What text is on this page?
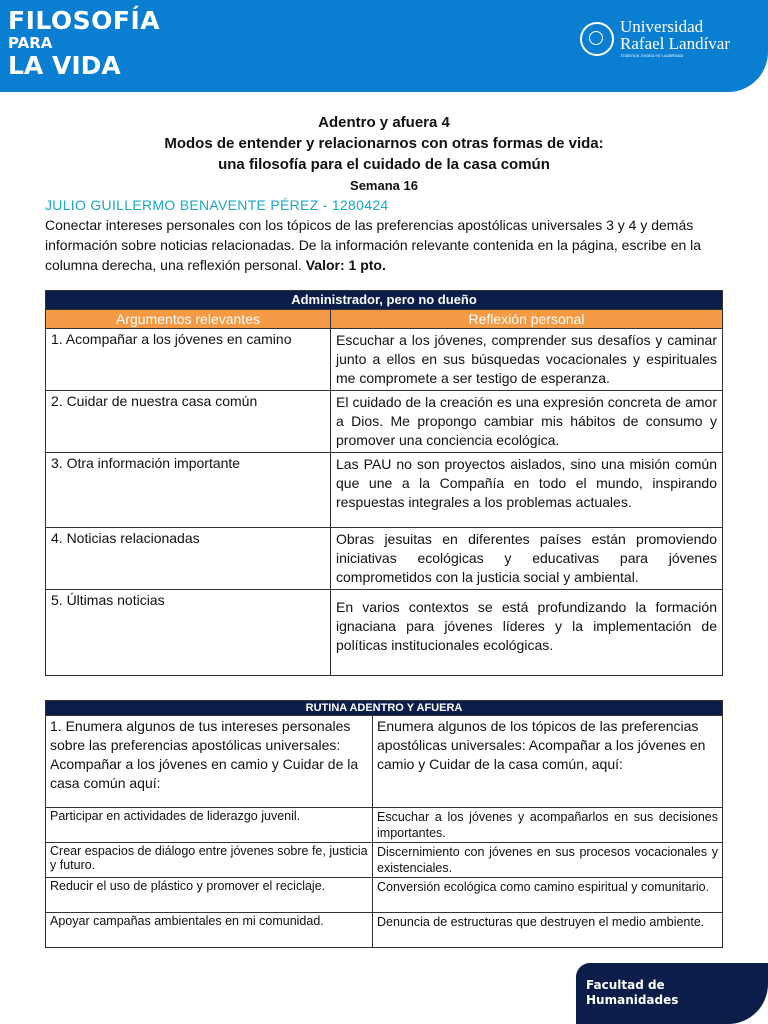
FILOSOFÍA
PARA
LA VIDA
Universidad
Rafael Landívar
Tradición Jesuita en Guatemala
Adentro y afuera 4
Modos de entender y relacionarnos con otras formas de vida:
una filosofía para el cuidado de la casa común
Semana 16
JULIO GUILLERMO BENAVENTE PÉREZ - 1280424
Conectar intereses personales con los tópicos de las preferencias apostólicas universales 3 y 4 y demás información sobre noticias relacionadas. De la información relevante contenida en la página, escribe en la columna derecha, una reflexión personal. Valor: 1 pto.
Administrador, pero no dueño	
Argumentos relevantes	Reflexión personal
1. Acompañar a los jóvenes en camino	Escuchar a los jóvenes, comprender sus desafíos y caminar junto a ellos en sus búsquedas vocacionales y espirituales me compromete a ser testigo de esperanza.
2. Cuidar de nuestra casa común	El cuidado de la creación es una expresión concreta de amor a Dios. Me propongo cambiar mis hábitos de consumo y promover una conciencia ecológica.
3. Otra información importante	Las PAU no son proyectos aislados, sino una misión común que une a la Compañía en todo el mundo, inspirando respuestas integrales a los problemas actuales.
4. Noticias relacionadas	Obras jesuitas en diferentes países están promoviendo iniciativas ecológicas y educativas para jóvenes comprometidos con la justicia social y ambiental.
5. Últimas noticias	En varios contextos se está profundizando la formación ignaciana para jóvenes líderes y la implementación de políticas institucionales ecológicas.
RUTINA ADENTRO Y AFUERA	
1. Enumera algunos de tus intereses personales sobre las preferencias apostólicas universales: Acompañar a los jóvenes en camio y Cuidar de la casa común aquí:	Enumera algunos de los tópicos de las preferencias apostólicas universales: Acompañar a los jóvenes en camio y Cuidar de la casa común, aquí:
Participar en actividades de liderazgo juvenil.	Escuchar a los jóvenes y acompañarlos en sus decisiones importantes.
Crear espacios de diálogo entre jóvenes sobre fe, justicia y futuro.	Discernimiento con jóvenes en sus procesos vocacionales y existenciales.
Reducir el uso de plástico y promover el reciclaje.	Conversión ecológica como camino espiritual y comunitario.
Apoyar campañas ambientales en mi comunidad.	Denuncia de estructuras que destruyen el medio ambiente.
Facultad de
Humanidades
